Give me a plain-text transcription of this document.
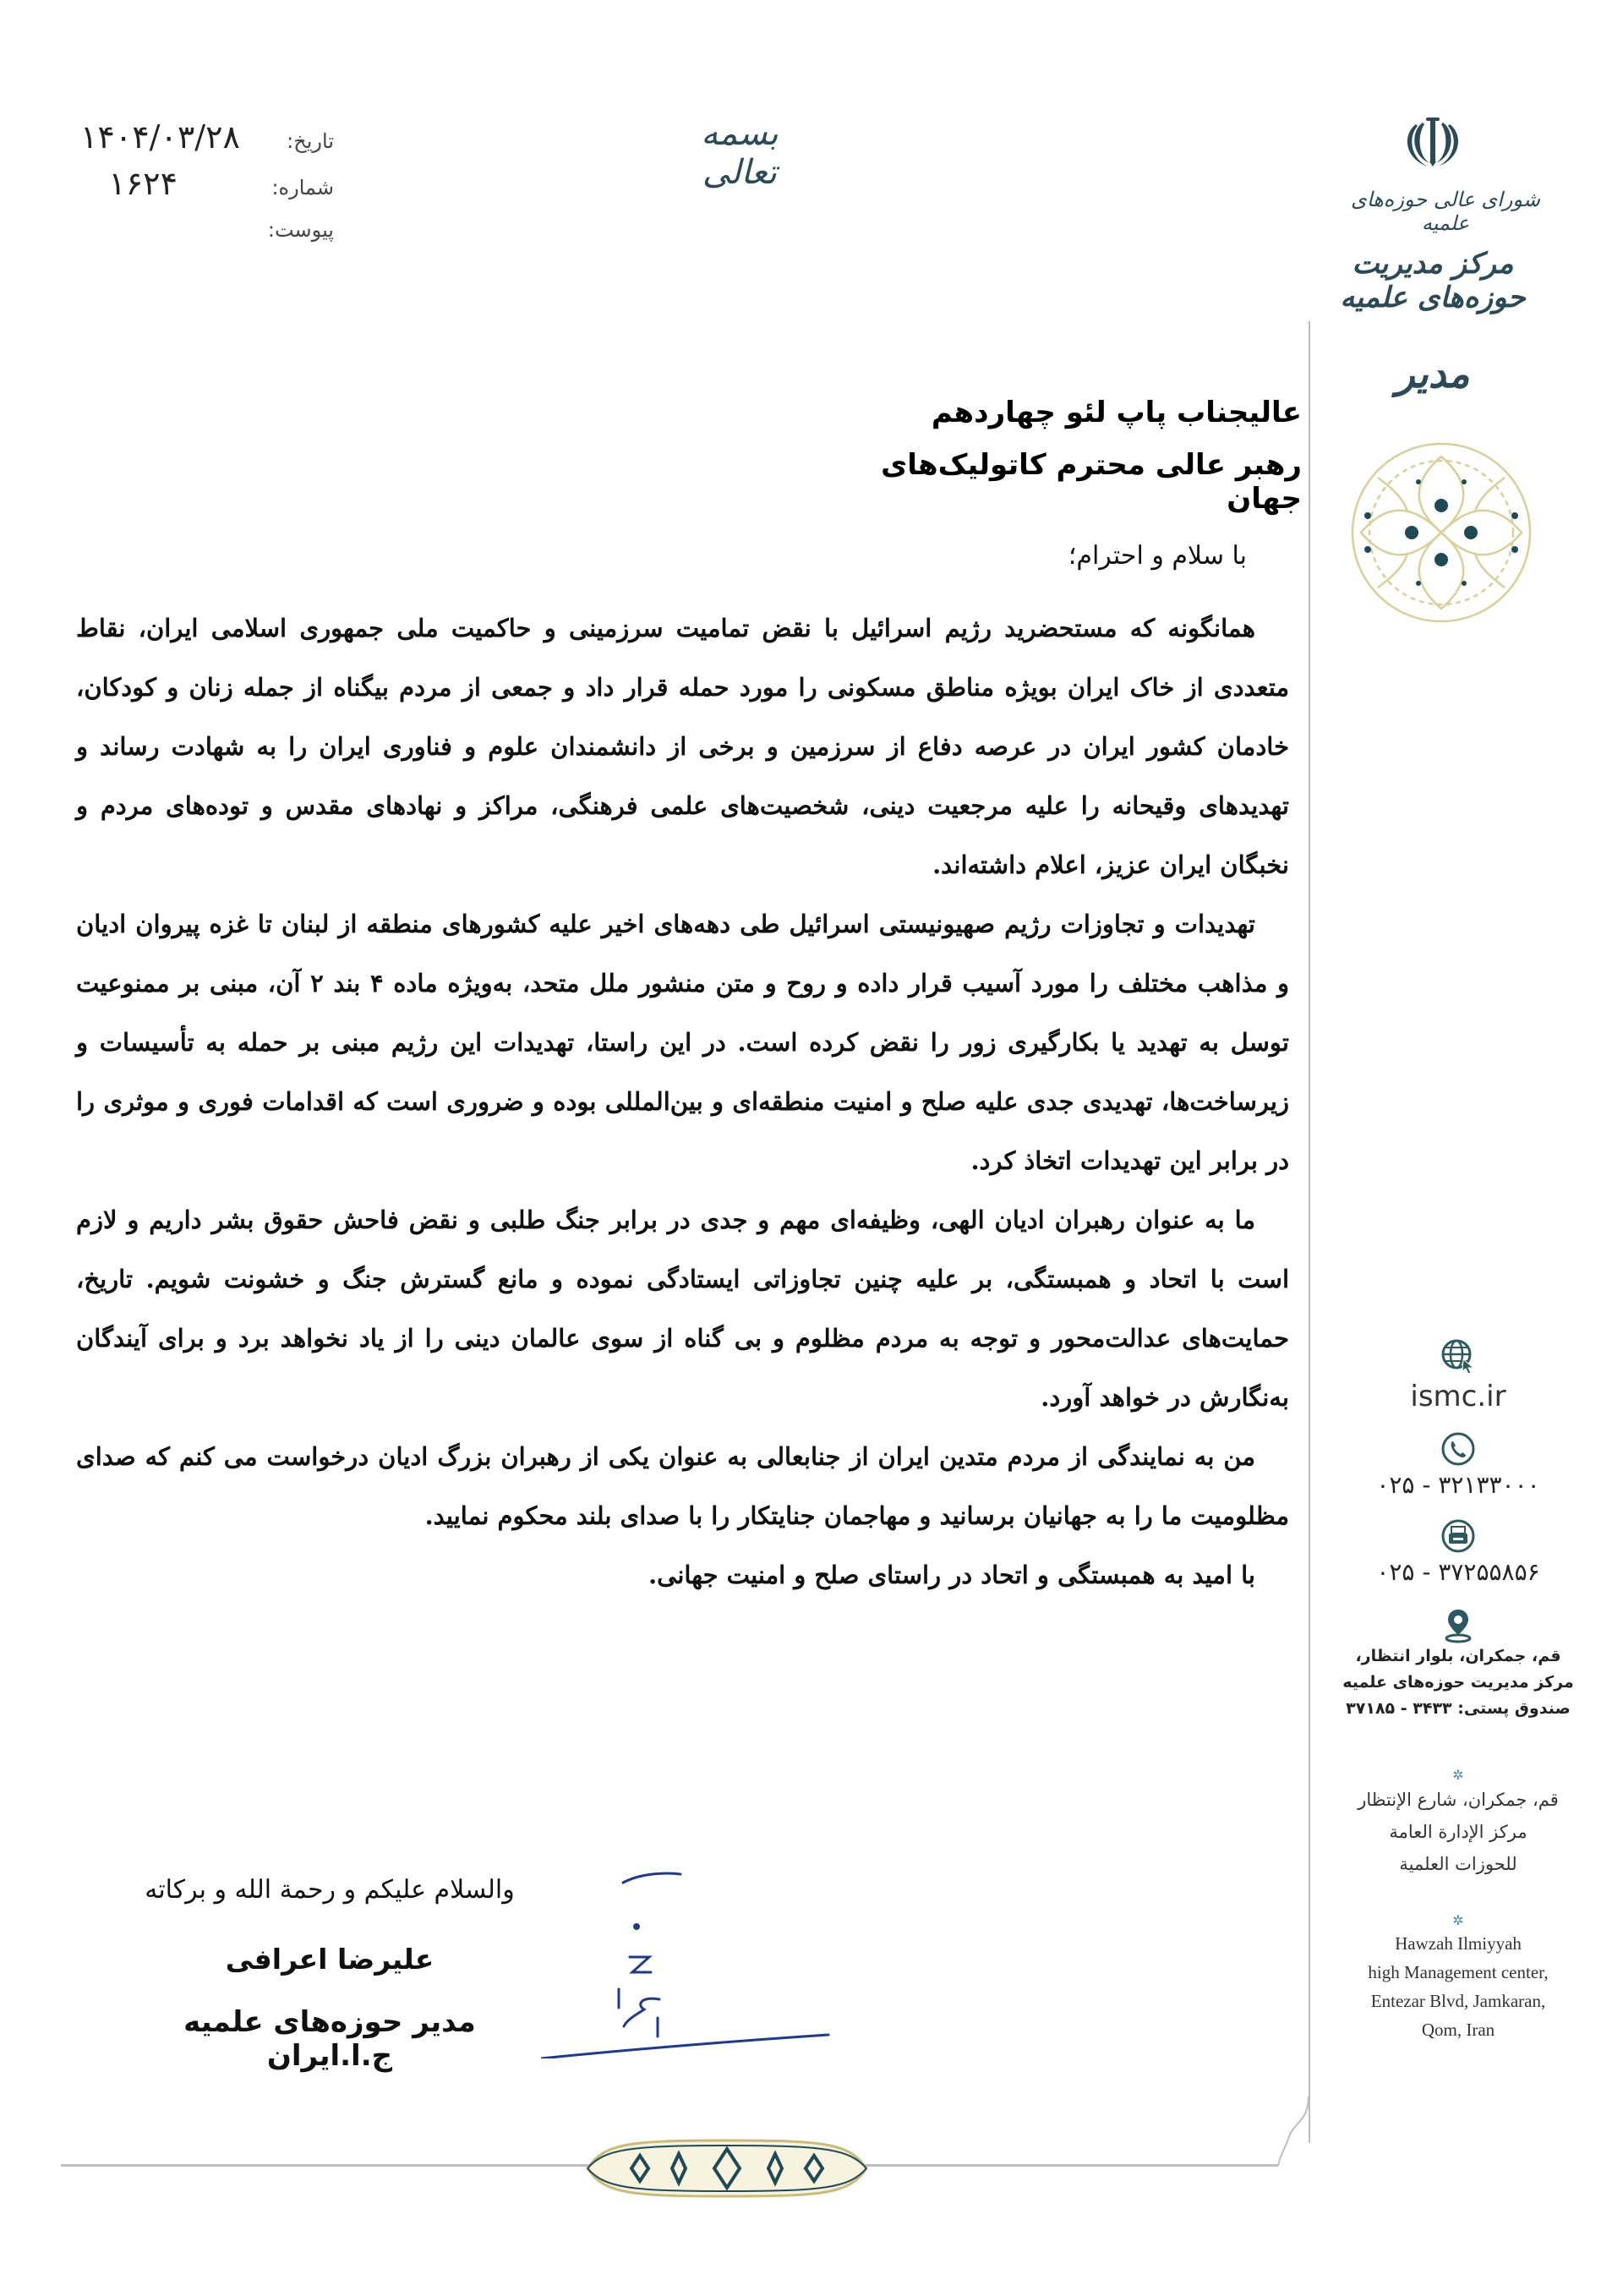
تاریخ:
۱۴۰۴/۰۳/۲۸
شماره:
۱۶۲۴
پیوست:
بسمه تعالی
شورای عالی حوزه‌های علمیه
مرکز مدیریت حوزه‌های علمیه
مدیر
ismc.ir
۰۲۵ - ۳۲۱۳۳۰۰۰
۰۲۵ - ۳۷۲۵۵۸۵۶
قم، جمکران، بلوار انتظار،
مرکز مدیریت حوزه‌های علمیه
صندوق پستی: ۳۴۳۳ - ۳۷۱۸۵
✲
قم، جمکران، شارع الإنتظار
مرکز الإدارة العامة
للحوزات العلمیة
✲
Hawzah Ilmiyyah
high Management center,
Entezar Blvd, Jamkaran,
Qom, Iran
عالیجناب پاپ لئو چهاردهم
رهبر عالی محترم کاتولیک‌های جهان
با سلام و احترام؛

همانگونه که مستحضرید رژیم اسرائیل با نقض تمامیت سرزمینی و حاکمیت ملی جمهوری اسلامی ایران، نقاط متعددی از خاک ایران بویژه مناطق مسکونی را مورد حمله قرار داد و جمعی از مردم بیگناه از جمله زنان و کودکان، خادمان کشور ایران در عرصه دفاع از سرزمین و برخی از دانشمندان علوم و فناوری ایران را به شهادت رساند و تهدیدهای وقیحانه را علیه مرجعیت دینی، شخصیت‌های علمی فرهنگی، مراکز و نهادهای مقدس و توده‌های مردم و نخبگان ایران عزیز، اعلام داشته‌اند.

تهدیدات و تجاوزات رژیم صهیونیستی اسرائیل طی دهه‌های اخیر علیه کشورهای منطقه از لبنان تا غزه پیروان ادیان و مذاهب مختلف را مورد آسیب قرار داده و روح و متن منشور ملل متحد، به‌ویژه ماده ۴ بند ۲ آن، مبنی بر ممنوعیت توسل به تهدید یا بکارگیری زور را نقض کرده است. در این راستا، تهدیدات این رژیم مبنی بر حمله به تأسیسات و زیرساخت‌ها، تهدیدی جدی علیه صلح و امنیت منطقه‌ای و بین‌المللی بوده و ضروری است که اقدامات فوری و موثری را در برابر این تهدیدات اتخاذ کرد.

ما به عنوان رهبران ادیان الهی، وظیفه‌ای مهم و جدی در برابر جنگ طلبی و نقض فاحش حقوق بشر داریم و لازم است با اتحاد و همبستگی، بر علیه چنین تجاوزاتی ایستادگی نموده و مانع گسترش جنگ و خشونت شویم. تاریخ، حمایت‌های عدالت‌محور و توجه به مردم مظلوم و بی گناه از سوی عالمان دینی را از یاد نخواهد برد و برای آیندگان به‌نگارش در خواهد آورد.

من به نمایندگی از مردم متدین ایران از جنابعالی به عنوان یکی از رهبران بزرگ ادیان درخواست می کنم که صدای مظلومیت ما را به جهانیان برسانید و مهاجمان جنایتکار را با صدای بلند محکوم نمایید.

با امید به همبستگی و اتحاد در راستای صلح و امنیت جهانی.

والسلام علیکم و رحمة الله و برکاته
علیرضا اعرافی
مدیر حوزه‌های علمیه ج.ا.ایران
